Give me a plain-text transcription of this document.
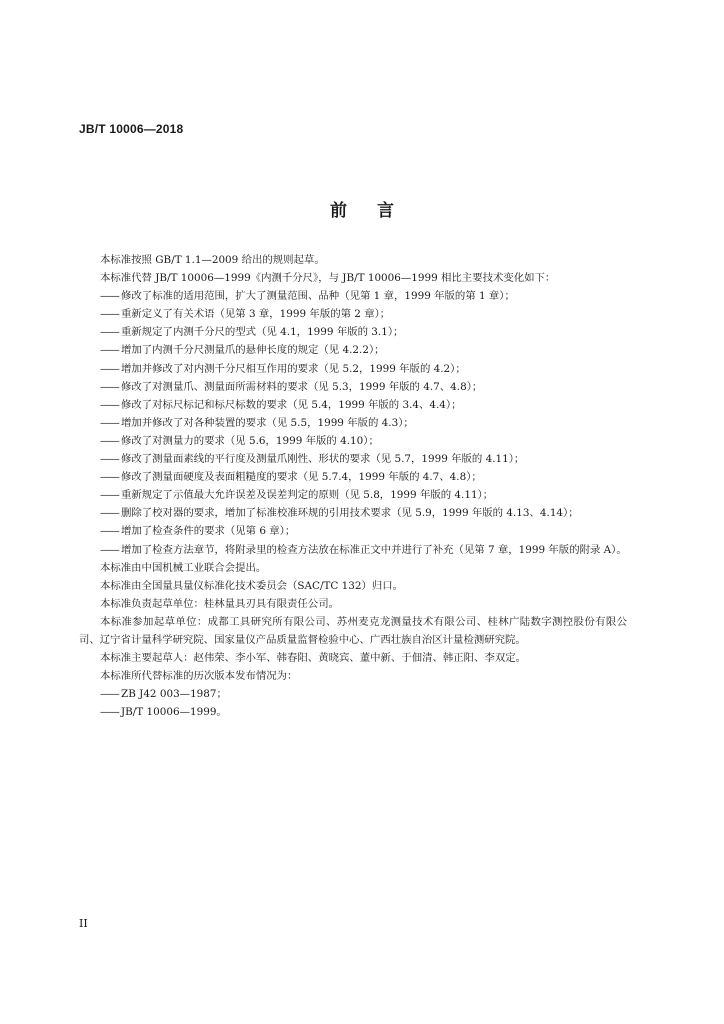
JB/T 10006—2018
前言

本标准按照 GB/T 1.1—2009 给出的规则起草。

本标准代替 JB/T 10006—1999《内测千分尺》，与 JB/T 10006—1999 相比主要技术变化如下：

—— 修改了标准的适用范围，扩大了测量范围、品种（见第 1 章，1999 年版的第 1 章）；

—— 重新定义了有关术语（见第 3 章，1999 年版的第 2 章）；

—— 重新规定了内测千分尺的型式（见 4.1，1999 年版的 3.1）；

—— 增加了内测千分尺测量爪的悬伸长度的规定（见 4.2.2）；

—— 增加并修改了对内测千分尺相互作用的要求（见 5.2，1999 年版的 4.2）；

—— 修改了对测量爪、测量面所需材料的要求（见 5.3，1999 年版的 4.7、4.8）；

—— 修改了对标尺标记和标尺标数的要求（见 5.4，1999 年版的 3.4、4.4）；

—— 增加并修改了对各种装置的要求（见 5.5，1999 年版的 4.3）；

—— 修改了对测量力的要求（见 5.6，1999 年版的 4.10）；

—— 修改了测量面素线的平行度及测量爪刚性、形状的要求（见 5.7，1999 年版的 4.11）；

—— 修改了测量面硬度及表面粗糙度的要求（见 5.7.4，1999 年版的 4.7、4.8）；

—— 重新规定了示值最大允许误差及误差判定的原则（见 5.8，1999 年版的 4.11）；

—— 删除了校对器的要求，增加了标准校准环规的引用技术要求（见 5.9，1999 年版的 4.13、4.14）；

—— 增加了检查条件的要求（见第 6 章）；

—— 增加了检查方法章节，将附录里的检查方法放在标准正文中并进行了补充（见第 7 章，1999 年版的附录 A）。

本标准由中国机械工业联合会提出。

本标准由全国量具量仪标准化技术委员会（SAC/TC 132）归口。

本标准负责起草单位：桂林量具刃具有限责任公司。

本标准参加起草单位：成都工具研究所有限公司、苏州麦克龙测量技术有限公司、桂林广陆数字测控股份有限公司、辽宁省计量科学研究院、国家量仪产品质量监督检验中心、广西壮族自治区计量检测研究院。

本标准主要起草人：赵伟荣、李小军、韩春阳、黄晓宾、董中新、于佃清、韩正阳、李双定。

本标准所代替标准的历次版本发布情况为：

—— ZB J42 003—1987；

—— JB/T 10006—1999。

II
